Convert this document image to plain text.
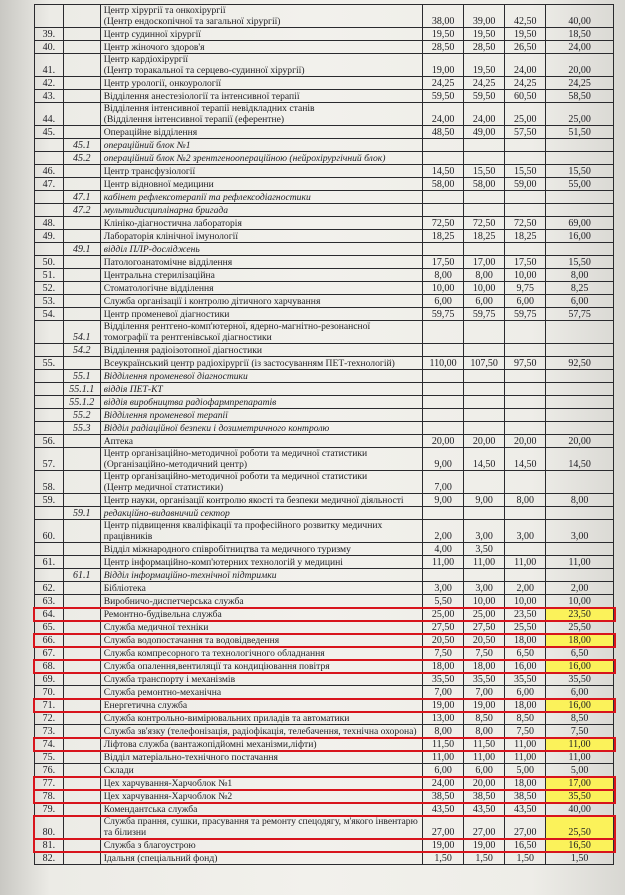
		Центр хірургії та онкохірургії
(Центр ендоскопічної та загальної хірургії)	38,00	39,00	42,50	40,00
39.		Центр судинної хірургії	19,50	19,50	19,50	18,50
40.		Центр жіночого здоров'я	28,50	28,50	26,50	24,00
41.		Центр кардіохірургії
(Центр торакальної та серцево-судинної хірургії)	19,00	19,50	24,00	20,00
42.		Центр урології, онкоурології	24,25	24,25	24,25	24,25
43.		Відділення анестезіології та інтенсивної терапії	59,50	59,50	60,50	58,50
44.		Відділення інтенсивної терапії невідкладних станів
(Відділення інтенсивної терапії (еферентне)	24,00	24,00	25,00	25,00
45.		Операційне відділення	48,50	49,00	57,50	51,50
	45.1	операційний блок №1				

	45.2	операційний блок №2 зрентгеноопераційною (нейрохірургічний блок)				

46.		Центр трансфузіології	14,50	15,50	15,50	15,50
47.		Центр відновної медицини	58,00	58,00	59,00	55,00
	47.1	кабінет рефлексотерапії та рефлексодіагностики				

	47.2	мультидисциплінарна бригада				

48.		Клініко-діагностична лабораторія	72,50	72,50	72,50	69,00
49.		Лабораторія клінічної імунології	18,25	18,25	18,25	16,00
	49.1	відділ ПЛР-досліджень				

50.		Патологоанатомічне відділення	17,50	17,00	17,50	15,50
51.		Центральна стерилізаційна	8,00	8,00	10,00	8,00
52.		Стоматологічне відділення	10,00	10,00	9,75	8,25
53.		Служба організації і контролю дітичного харчування	6,00	6,00	6,00	6,00
54.		Центр променевої діагностики	59,75	59,75	59,75	57,75
	54.1	Відділення рентгено-комп'ютерної, ядерно-магнітно-резонансної
томографії та рентгенівської діагностики				

	54.2	Відділення радіоізотопної діагностики				

55.		Всеукраїнський центр радіохірургії (із застосуванням ПЕТ-технологій)	110,00	107,50	97,50	92,50
	55.1	Відділення променевої діагностики				

	55.1.1	віддія ПЕТ-КТ				

	55.1.2	віддія виробництва радіофармпрепаратів				

	55.2	Відділення променевої терапії				

	55.3	Відділ радіаційної безпеки і дозиметричного контролю				

56.		Аптека	20,00	20,00	20,00	20,00
57.		Центр організаційно-методичної роботи та медичної статистики
(Організаційно-методичний центр)	9,00	14,50	14,50	14,50
58.		Центр організаційно-методичної роботи та медичної статистики
(Центр медичної статистики)	7,00			
59.		Центр науки, організації контролю якості та безпеки медичної діяльності	9,00	9,00	8,00	8,00
	59.1	редакційно-видавничий сектор				

60.		Центр підвищення кваліфікації та професійного розвитку медичних працівників	2,00	3,00	3,00	3,00

		Відділ міжнародного співробітництва та медичного туризму	4,00	3,50		
61.		Центр інформаційно-комп'ютерних технологій у медицині	11,00	11,00	11,00	11,00
	61.1	Відділ інформаційно-технічної підтримки				

62.		Бібліотека	3,00	3,00	2,00	2,00
63.		Виробничо-диспетчерська служба	5,50	10,00	10,00	10,00
64.		Ремонтно-будівельна служба	25,00	25,00	23,50	23,50
65.		Служба медичної техніки	27,50	27,50	25,50	25,50
66.		Служба водопостачання та водовідведення	20,50	20,50	18,00	18,00
67.		Служба компресорного та технологічного обладнання	7,50	7,50	6,50	6,50
68.		Служба опалення,вентиляції та кондиціювання повітря	18,00	18,00	16,00	16,00
69.		Служба транспорту і механізмів	35,50	35,50	35,50	35,50
70.		Служба ремонтно-механічна	7,00	7,00	6,00	6,00
71.		Енергетична служба	19,00	19,00	18,00	16,00
72.		Служба контрольно-вимірювальних приладів та автоматики	13,00	8,50	8,50	8,50
73.		Служба зв'язку (телефонізація, радіофікація, телебачення, технічна охорона)	8,00	8,00	7,50	7,50
74.		Ліфтова служба (вантажопідйомні механізми,ліфти)	11,50	11,50	11,00	11,00
75.		Відділ матеріально-технічного постачання	11,00	11,00	11,00	11,00
76.		Склади	6,00	6,00	5,00	5,00
77.		Цех харчування-Харчоблок №1	24,00	20,00	18,00	17,00
78.		Цех харчування-Харчоблок №2	38,50	38,50	38,50	35,50
79.		Комендантська служба	43,50	43,50	43,50	40,00
80.		Служба прання, сушки, прасування та ремонту спецодягу, м'якого інвентарю та білизни	27,00	27,00	27,00	25,50
81.		Служба з благоустрою	19,00	19,00	16,50	16,50
82.		Ідальня (спеціальний фонд)	1,50	1,50	1,50	1,50
